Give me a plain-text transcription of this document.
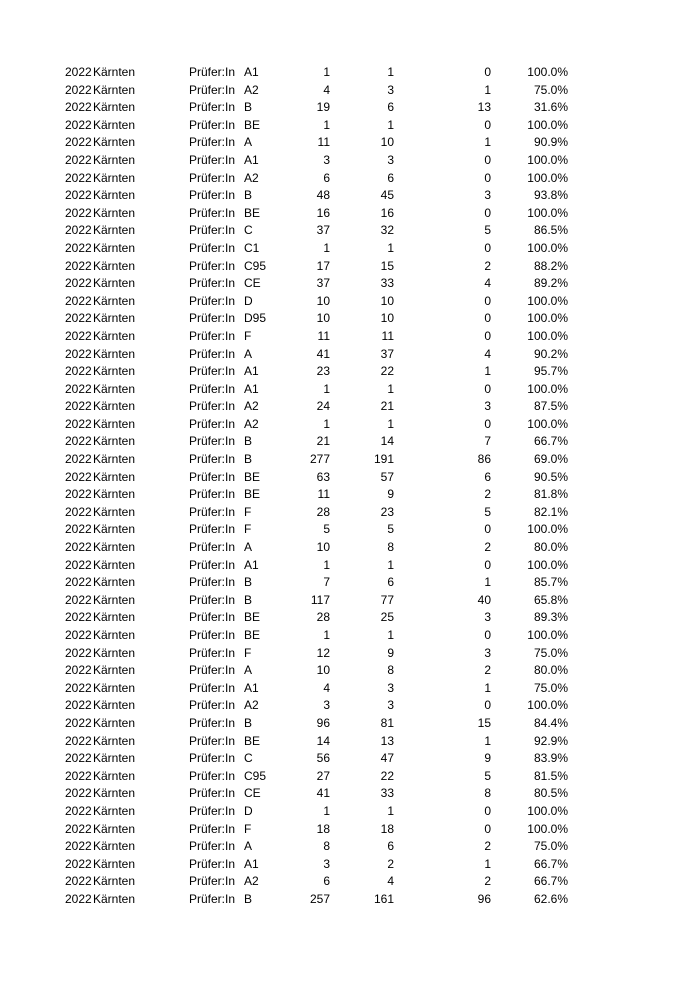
2022 Kärnten	Prüfer:In A1	1	1	0	100.0%
2022 Kärnten	Prüfer:In A2	4	3	1	75.0%
2022 Kärnten	Prüfer:In B	19	6	13	31.6%
2022 Kärnten	Prüfer:In BE	1	1	0	100.0%
2022 Kärnten	Prüfer:In A	11	10	1	90.9%
2022 Kärnten	Prüfer:In A1	3	3	0	100.0%
2022 Kärnten	Prüfer:In A2	6	6	0	100.0%
2022 Kärnten	Prüfer:In B	48	45	3	93.8%
2022 Kärnten	Prüfer:In BE	16	16	0	100.0%
2022 Kärnten	Prüfer:In C	37	32	5	86.5%
2022 Kärnten	Prüfer:In C1	1	1	0	100.0%
2022 Kärnten	Prüfer:In C95	17	15	2	88.2%
2022 Kärnten	Prüfer:In CE	37	33	4	89.2%
2022 Kärnten	Prüfer:In D	10	10	0	100.0%
2022 Kärnten	Prüfer:In D95	10	10	0	100.0%
2022 Kärnten	Prüfer:In F	11	11	0	100.0%
2022 Kärnten	Prüfer:In A	41	37	4	90.2%
2022 Kärnten	Prüfer:In A1	23	22	1	95.7%
2022 Kärnten	Prüfer:In A1	1	1	0	100.0%
2022 Kärnten	Prüfer:In A2	24	21	3	87.5%
2022 Kärnten	Prüfer:In A2	1	1	0	100.0%
2022 Kärnten	Prüfer:In B	21	14	7	66.7%
2022 Kärnten	Prüfer:In B	277	191	86	69.0%
2022 Kärnten	Prüfer:In BE	63	57	6	90.5%
2022 Kärnten	Prüfer:In BE	11	9	2	81.8%
2022 Kärnten	Prüfer:In F	28	23	5	82.1%
2022 Kärnten	Prüfer:In F	5	5	0	100.0%
2022 Kärnten	Prüfer:In A	10	8	2	80.0%
2022 Kärnten	Prüfer:In A1	1	1	0	100.0%
2022 Kärnten	Prüfer:In B	7	6	1	85.7%
2022 Kärnten	Prüfer:In B	117	77	40	65.8%
2022 Kärnten	Prüfer:In BE	28	25	3	89.3%
2022 Kärnten	Prüfer:In BE	1	1	0	100.0%
2022 Kärnten	Prüfer:In F	12	9	3	75.0%
2022 Kärnten	Prüfer:In A	10	8	2	80.0%
2022 Kärnten	Prüfer:In A1	4	3	1	75.0%
2022 Kärnten	Prüfer:In A2	3	3	0	100.0%
2022 Kärnten	Prüfer:In B	96	81	15	84.4%
2022 Kärnten	Prüfer:In BE	14	13	1	92.9%
2022 Kärnten	Prüfer:In C	56	47	9	83.9%
2022 Kärnten	Prüfer:In C95	27	22	5	81.5%
2022 Kärnten	Prüfer:In CE	41	33	8	80.5%
2022 Kärnten	Prüfer:In D	1	1	0	100.0%
2022 Kärnten	Prüfer:In F	18	18	0	100.0%
2022 Kärnten	Prüfer:In A	8	6	2	75.0%
2022 Kärnten	Prüfer:In A1	3	2	1	66.7%
2022 Kärnten	Prüfer:In A2	6	4	2	66.7%
2022 Kärnten	Prüfer:In B	257	161	96	62.6%
